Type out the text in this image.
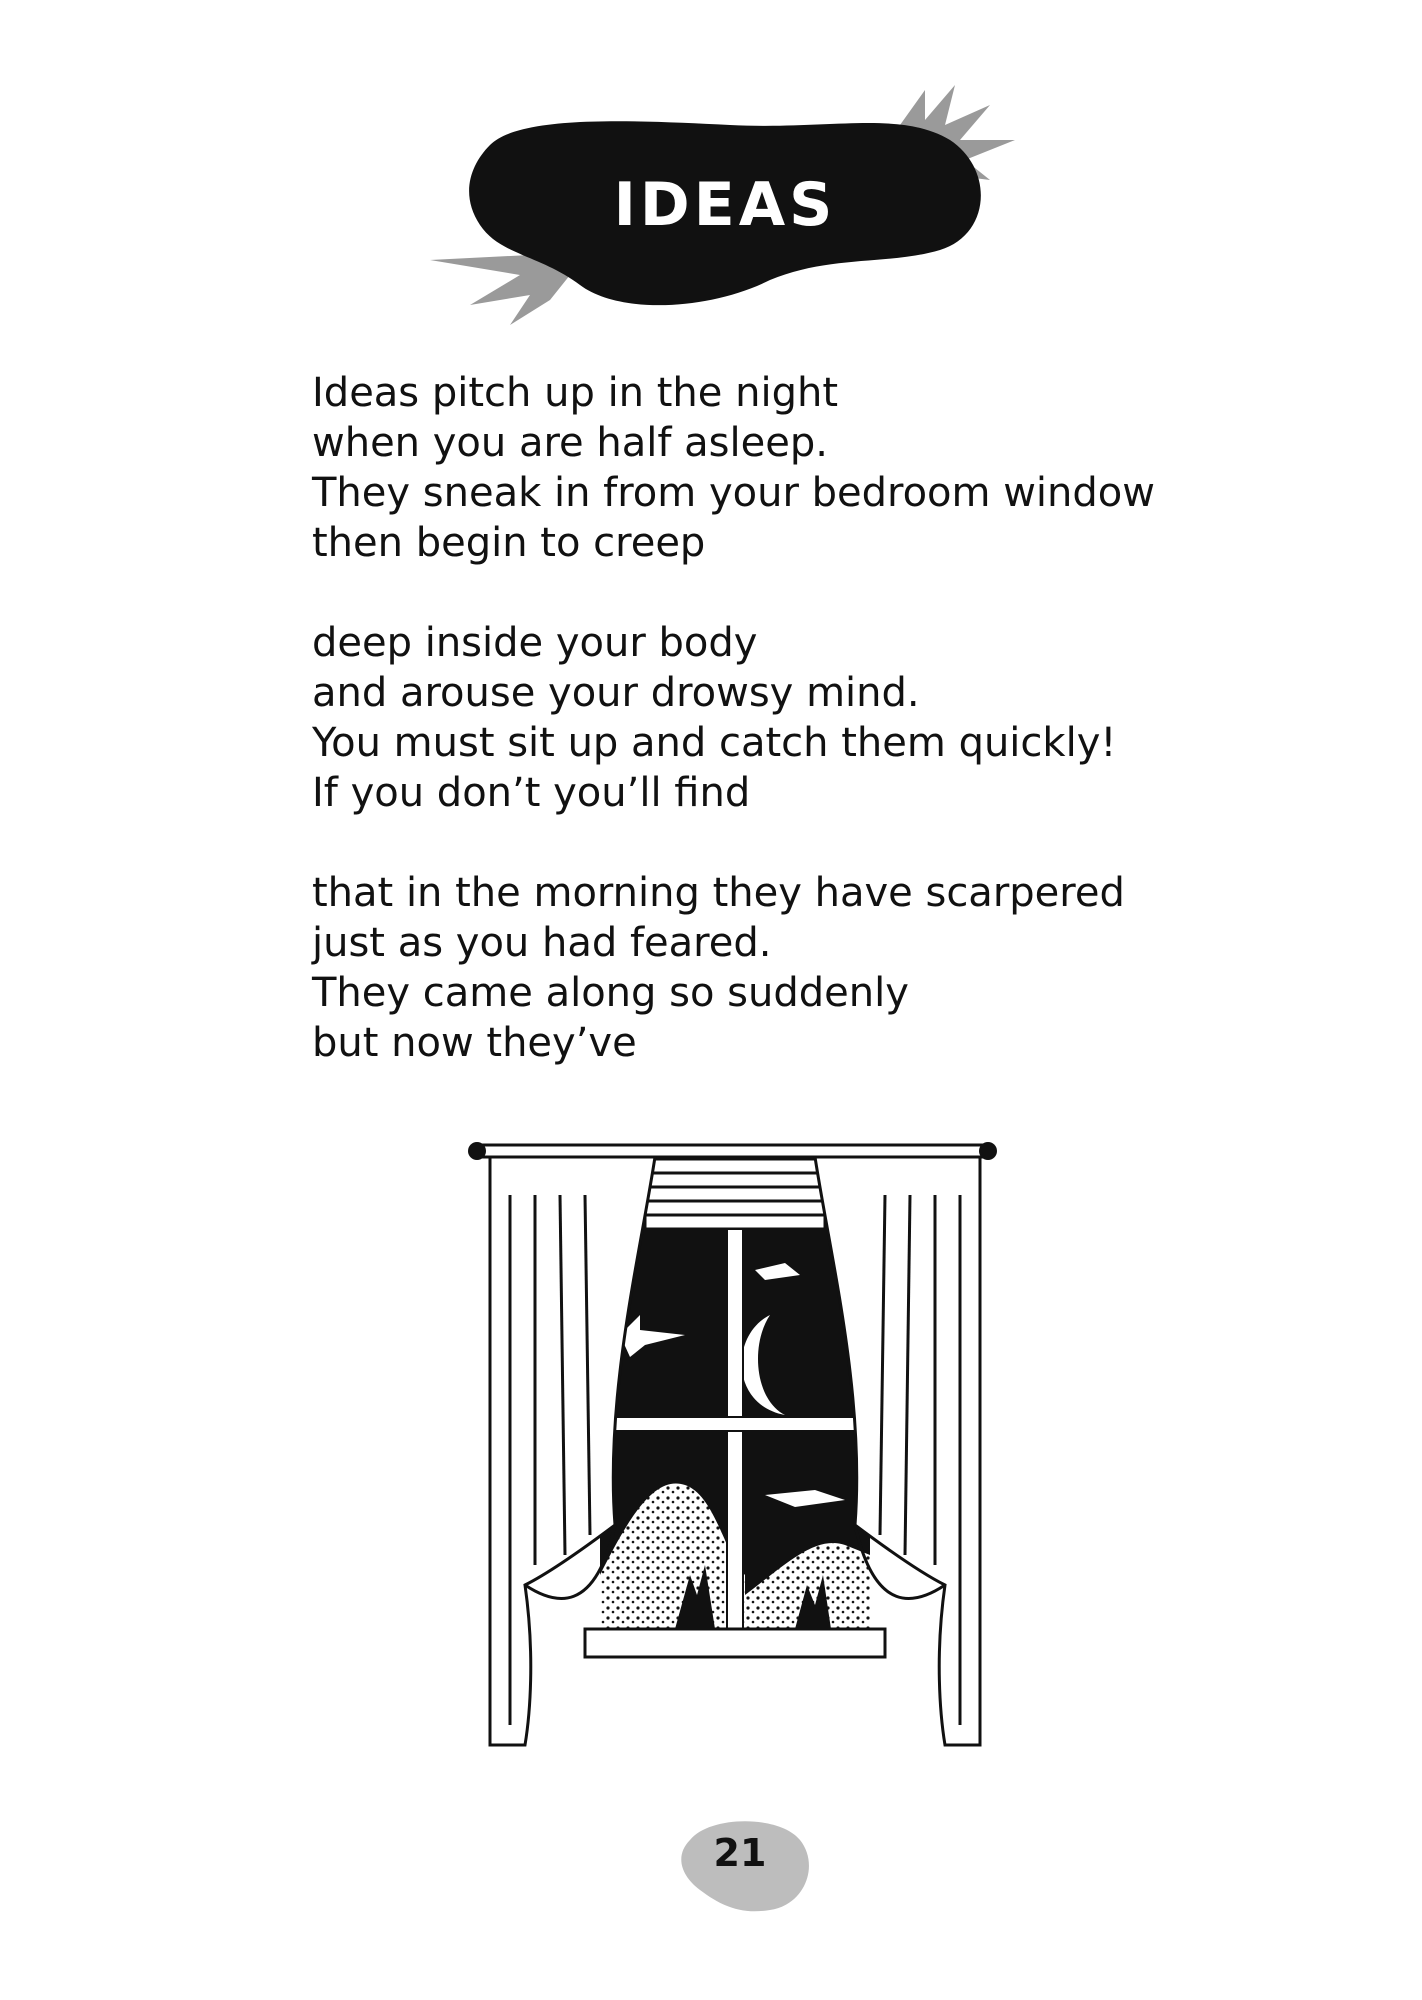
IDEAS
Ideas pitch up in the night
when you are half asleep.
They sneak in from your bedroom window
then begin to creep
deep inside your body
and arouse your drowsy mind.
You must sit up and catch them quickly!
If you don’t you’ll find
that in the morning they have scarpered
just as you had feared.
They came along so suddenly
but now they’ve
21
